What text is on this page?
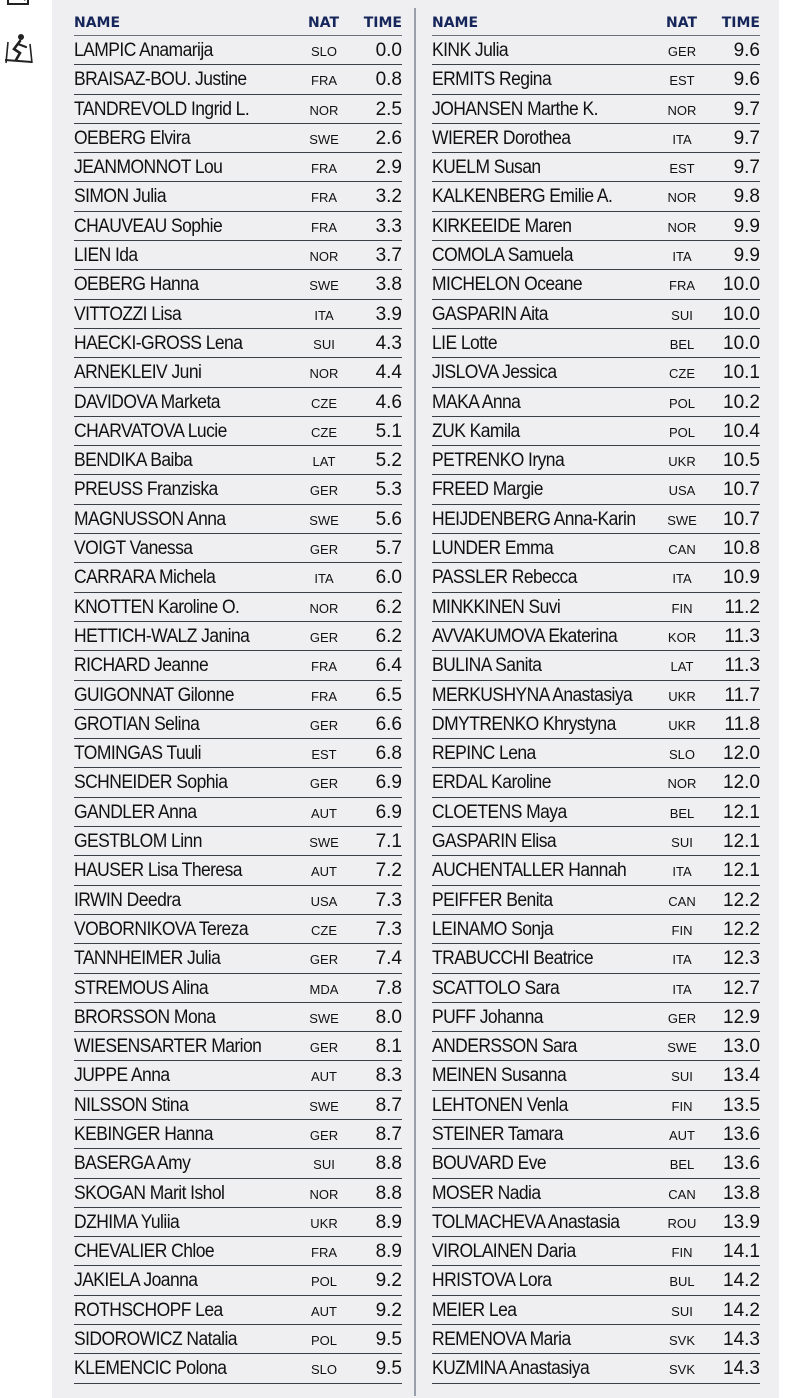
NAME	NAT TIME
LAMPIC Anamarija	SLO	0.0
BRAISAZ-BOU. Justine	FRA	0.8
TANDREVOLD Ingrid L.	NOR 2.5
OEBERG Elvira	SWE 2.6
JEANMONNOT Lou	FRA	2.9
SIMON Julia	FRA	3.2
CHAUVEAU Sophie	FRA	3.3
LIEN Ida	NOR 3.7
OEBERG Hanna	SWE 3.8
VITTOZZI Lisa	ITA	3.9
HAECKI-GROSS Lena	SUI	4.3
ARNEKLEIV Juni	NOR 4.4
DAVIDOVA Marketa	CZE	4.6
CHARVATOVA Lucie	CZE	5.1
BENDIKA Baiba	LAT	5.2
PREUSS Franziska	GER	5.3
MAGNUSSON Anna	SWE 5.6
VOIGT Vanessa	GER	5.7
CARRARA Michela	ITA	6.0
KNOTTEN Karoline O.	NOR 6.2
HETTICH-WALZ Janina	GER	6.2
RICHARD Jeanne	FRA	6.4
GUIGONNAT Gilonne	FRA	6.5
GROTIAN Selina	GER	6.6
TOMINGAS Tuuli	EST	6.8
SCHNEIDER Sophia	GER	6.9
GANDLER Anna	AUT	6.9
GESTBLOM Linn	SWE 7.1
HAUSER Lisa Theresa	AUT	7.2
IRWIN Deedra	USA	7.3
VOBORNIKOVA Tereza	CZE	7.3
TANNHEIMER Julia	GER	7.4
STREMOUS Alina	MDA 7.8
BRORSSON Mona	SWE 8.0
WIESENSARTER Marion	GER	8.1
JUPPE Anna	AUT	8.3
NILSSON Stina	SWE 8.7
KEBINGER Hanna	GER	8.7
BASERGA Amy	SUI	8.8
SKOGAN Marit Ishol	NOR 8.8
DZHIMA Yuliia	UKR	8.9
CHEVALIER Chloe	FRA	8.9
JAKIELA Joanna	POL	9.2
ROTHSCHOPF Lea	AUT	9.2
SIDOROWICZ Natalia	POL	9.5
KLEMENCIC Polona	SLO	9.5
NAME	NAT TIME
KINK Julia	GER	9.6
ERMITS Regina	EST	9.6
JOHANSEN Marthe K.	NOR 9.7
WIERER Dorothea	ITA	9.7
KUELM Susan	EST	9.7
KALKENBERG Emilie A.	NOR 9.8
KIRKEEIDE Maren	NOR 9.9
COMOLA Samuela	ITA	9.9
MICHELON Oceane	FRA	10.0
GASPARIN Aita	SUI	10.0
LIE Lotte	BEL	10.0
JISLOVA Jessica	CZE	10.1
MAKA Anna	POL	10.2
ZUK Kamila	POL	10.4
PETRENKO Iryna	UKR	10.5
FREED Margie	USA	10.7
HEIJDENBERG Anna-Karin	SWE 10.7
LUNDER Emma	CAN	10.8
PASSLER Rebecca	ITA	10.9
MINKKINEN Suvi	FIN	11.2
AVVAKUMOVA Ekaterina	KOR	11.3
BULINA Sanita	LAT	11.3
MERKUSHYNA Anastasiya	UKR	11.7
DMYTRENKO Khrystyna	UKR	11.8
REPINC Lena	SLO	12.0
ERDAL Karoline	NOR 12.0
CLOETENS Maya	BEL	12.1
GASPARIN Elisa	SUI	12.1
AUCHENTALLER Hannah	ITA	12.1
PEIFFER Benita	CAN	12.2
LEINAMO Sonja	FIN	12.2
TRABUCCHI Beatrice	ITA	12.3
SCATTOLO Sara	ITA	12.7
PUFF Johanna	GER	12.9
ANDERSSON Sara	SWE 13.0
MEINEN Susanna	SUI	13.4
LEHTONEN Venla	FIN	13.5
STEINER Tamara	AUT	13.6
BOUVARD Eve	BEL	13.6
MOSER Nadia	CAN	13.8
TOLMACHEVA Anastasia	ROU 13.9
VIROLAINEN Daria	FIN	14.1
HRISTOVA Lora	BUL	14.2
MEIER Lea	SUI	14.2
REMENOVA Maria	SVK	14.3
KUZMINA Anastasiya	SVK	14.3
